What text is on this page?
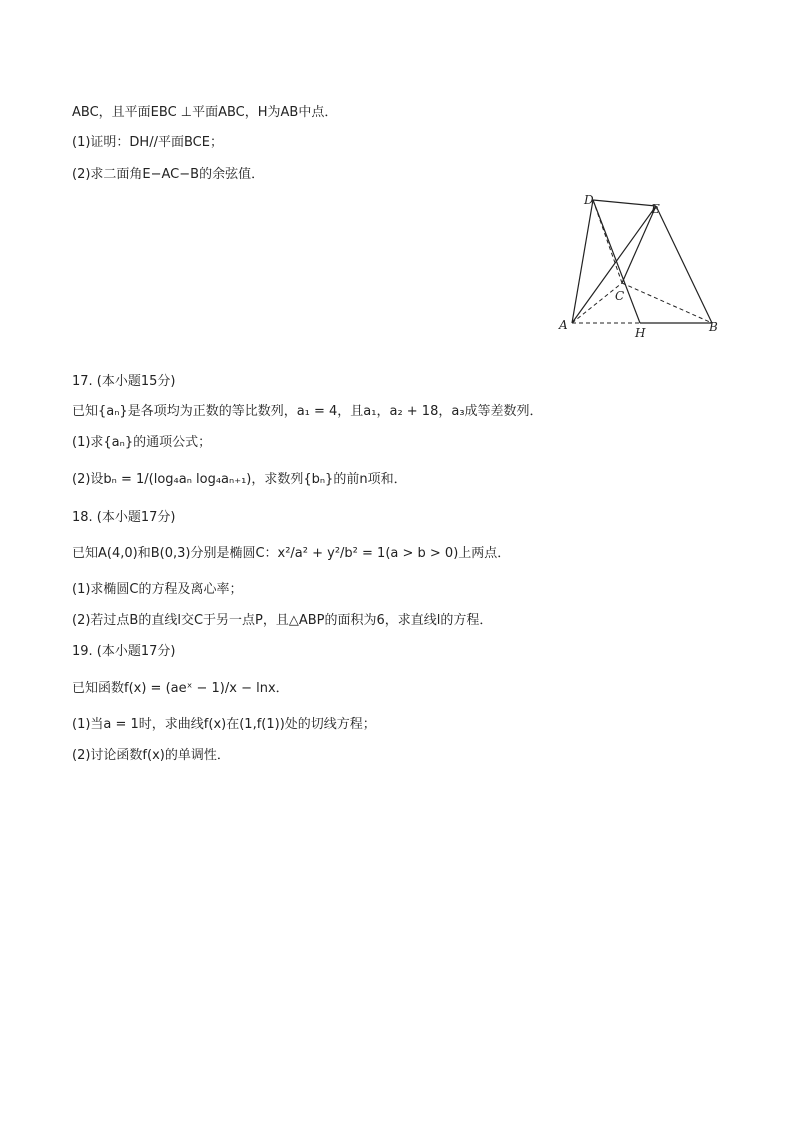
ABC，且平面EBC ⊥平面ABC，H为AB中点．
(1)证明：DH//平面BCE；
(2)求二面角E−AC−B的余弦值．
D
E
C
A
H	B
17. (本小题15分)
已知{aₙ}是各项均为正数的等比数列，a₁ = 4，且a₁，a₂ + 18，a₃成等差数列．
(1)求{aₙ}的通项公式；
(2)设bₙ = 1/(log₄aₙ log₄aₙ₊₁)，求数列{bₙ}的前n项和．
18. (本小题17分)
已知A(4,0)和B(0,3)分别是椭圆C：x²/a² + y²/b² = 1(a > b > 0)上两点．
(1)求椭圆C的方程及离心率；
(2)若过点B的直线l交C于另一点P，且△ABP的面积为6，求直线l的方程．
19. (本小题17分)
已知函数f(x) = (aeˣ − 1)/x − lnx．
(1)当a = 1时，求曲线f(x)在(1,f(1))处的切线方程；
(2)讨论函数f(x)的单调性．
